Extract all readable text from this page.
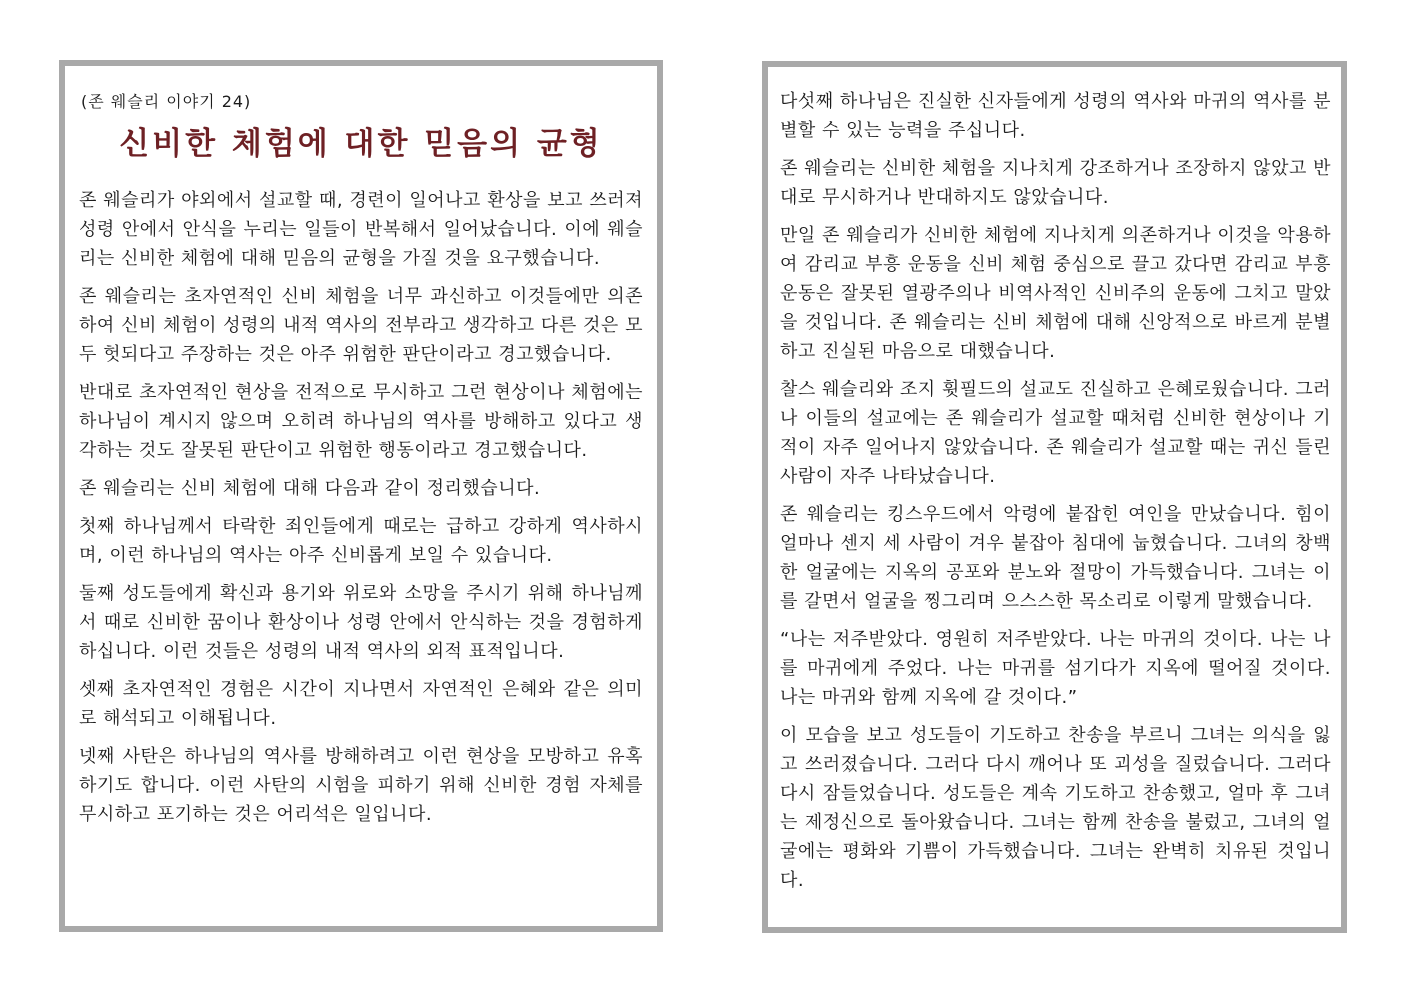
(존 웨슬리 이야기 24)
신비한 체험에 대한 믿음의 균형

존 웨슬리가 야외에서 설교할 때, 경련이 일어나고 환상을 보고 쓰러져 성령 안에서 안식을 누리는 일들이 반복해서 일어났습니다. 이에 웨슬리는 신비한 체험에 대해 믿음의 균형을 가질 것을 요구했습니다.

존 웨슬리는 초자연적인 신비 체험을 너무 과신하고 이것들에만 의존하여 신비 체험이 성령의 내적 역사의 전부라고 생각하고 다른 것은 모두 헛되다고 주장하는 것은 아주 위험한 판단이라고 경고했습니다.

반대로 초자연적인 현상을 전적으로 무시하고 그런 현상이나 체험에는 하나님이 계시지 않으며 오히려 하나님의 역사를 방해하고 있다고 생각하는 것도 잘못된 판단이고 위험한 행동이라고 경고했습니다.

존 웨슬리는 신비 체험에 대해 다음과 같이 정리했습니다.

첫째 하나님께서 타락한 죄인들에게 때로는 급하고 강하게 역사하시며, 이런 하나님의 역사는 아주 신비롭게 보일 수 있습니다.

둘째 성도들에게 확신과 용기와 위로와 소망을 주시기 위해 하나님께서 때로 신비한 꿈이나 환상이나 성령 안에서 안식하는 것을 경험하게 하십니다. 이런 것들은 성령의 내적 역사의 외적 표적입니다.

셋째 초자연적인 경험은 시간이 지나면서 자연적인 은혜와 같은 의미로 해석되고 이해됩니다.

넷째 사탄은 하나님의 역사를 방해하려고 이런 현상을 모방하고 유혹하기도 합니다. 이런 사탄의 시험을 피하기 위해 신비한 경험 자체를 무시하고 포기하는 것은 어리석은 일입니다.

다섯째 하나님은 진실한 신자들에게 성령의 역사와 마귀의 역사를 분별할 수 있는 능력을 주십니다.

존 웨슬리는 신비한 체험을 지나치게 강조하거나 조장하지 않았고 반대로 무시하거나 반대하지도 않았습니다.

만일 존 웨슬리가 신비한 체험에 지나치게 의존하거나 이것을 악용하여 감리교 부흥 운동을 신비 체험 중심으로 끌고 갔다면 감리교 부흥 운동은 잘못된 열광주의나 비역사적인 신비주의 운동에 그치고 말았을 것입니다. 존 웨슬리는 신비 체험에 대해 신앙적으로 바르게 분별하고 진실된 마음으로 대했습니다.

찰스 웨슬리와 조지 휫필드의 설교도 진실하고 은혜로웠습니다. 그러나 이들의 설교에는 존 웨슬리가 설교할 때처럼 신비한 현상이나 기적이 자주 일어나지 않았습니다. 존 웨슬리가 설교할 때는 귀신 들린 사람이 자주 나타났습니다.

존 웨슬리는 킹스우드에서 악령에 붙잡힌 여인을 만났습니다. 힘이 얼마나 센지 세 사람이 겨우 붙잡아 침대에 눕혔습니다. 그녀의 창백한 얼굴에는 지옥의 공포와 분노와 절망이 가득했습니다. 그녀는 이를 갈면서 얼굴을 찡그리며 으스스한 목소리로 이렇게 말했습니다.

“나는 저주받았다. 영원히 저주받았다. 나는 마귀의 것이다. 나는 나를 마귀에게 주었다. 나는 마귀를 섬기다가 지옥에 떨어질 것이다. 나는 마귀와 함께 지옥에 갈 것이다.”

이 모습을 보고 성도들이 기도하고 찬송을 부르니 그녀는 의식을 잃고 쓰러졌습니다. 그러다 다시 깨어나 또 괴성을 질렀습니다. 그러다 다시 잠들었습니다. 성도들은 계속 기도하고 찬송했고, 얼마 후 그녀는 제정신으로 돌아왔습니다. 그녀는 함께 찬송을 불렀고, 그녀의 얼굴에는 평화와 기쁨이 가득했습니다. 그녀는 완벽히 치유된 것입니다.
